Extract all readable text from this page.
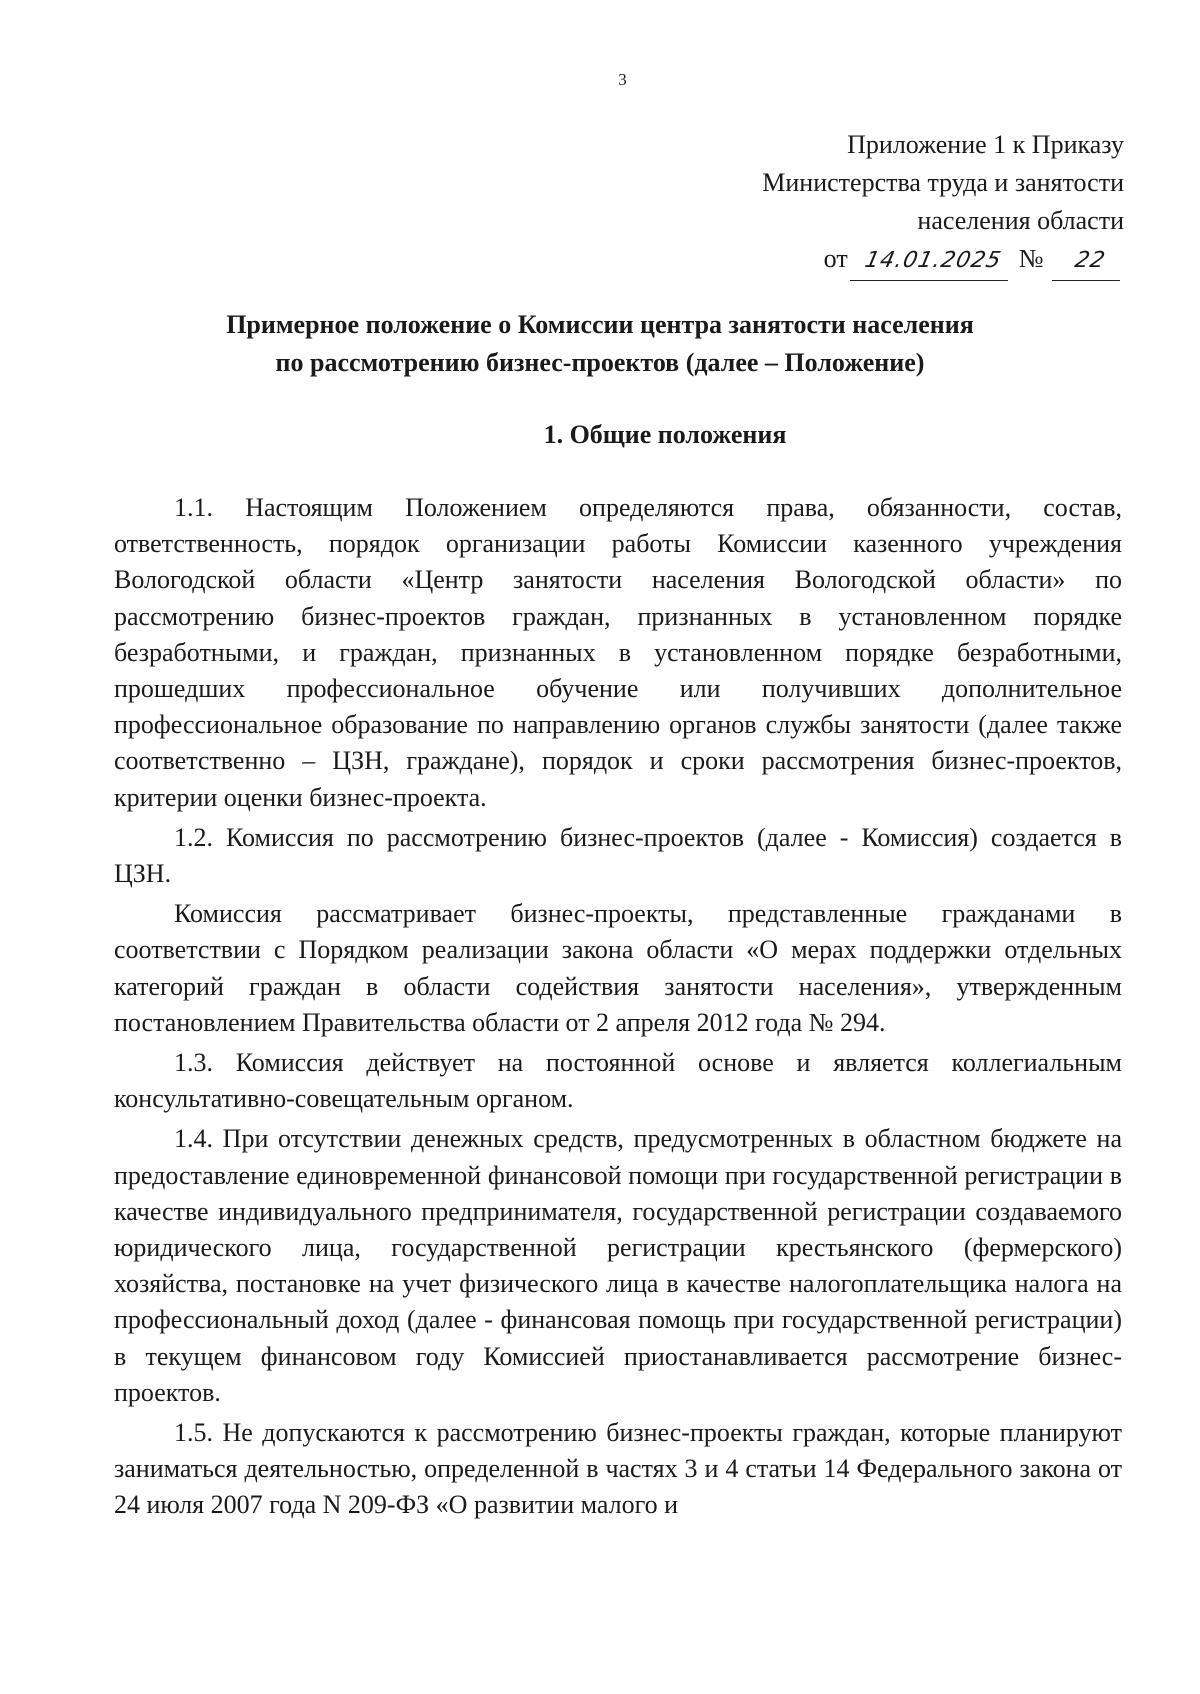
3
Приложение 1 к Приказу
Министерства труда и занятости
населения области
от 14.01.2025 № 22
Примерное положение о Комиссии центра занятости населения
по рассмотрению бизнес-проектов (далее – Положение)
1. Общие положения

1.1. Настоящим Положением определяются права, обязанности, состав, ответственность, порядок организации работы Комиссии казенного учреждения Вологодской области «Центр занятости населения Вологодской области» по рассмотрению бизнес-проектов граждан, признанных в установленном порядке безработными, и граждан, признанных в установленном порядке безработными, прошедших профессиональное обучение или получивших дополнительное профессиональное образование по направлению органов службы занятости (далее также соответственно – ЦЗН, граждане), порядок и сроки рассмотрения бизнес-проектов, критерии оценки бизнес-проекта.

1.2. Комиссия по рассмотрению бизнес-проектов (далее - Комиссия) создается в ЦЗН.

Комиссия рассматривает бизнес-проекты, представленные гражданами в соответствии с Порядком реализации закона области «О мерах поддержки отдельных категорий граждан в области содействия занятости населения», утвержденным постановлением Правительства области от 2 апреля 2012 года № 294.

1.3. Комиссия действует на постоянной основе и является коллегиальным консультативно-совещательным органом.

1.4. При отсутствии денежных средств, предусмотренных в областном бюджете на предоставление единовременной финансовой помощи при государственной регистрации в качестве индивидуального предпринимателя, государственной регистрации создаваемого юридического лица, государственной регистрации крестьянского (фермерского) хозяйства, постановке на учет физического лица в качестве налогоплательщика налога на профессиональный доход (далее - финансовая помощь при государственной регистрации) в текущем финансовом году Комиссией приостанавливается рассмотрение бизнес-проектов.

1.5. Не допускаются к рассмотрению бизнес-проекты граждан, которые планируют заниматься деятельностью, определенной в частях 3 и 4 статьи 14 Федерального закона от 24 июля 2007 года N 209-ФЗ «О развитии малого и
